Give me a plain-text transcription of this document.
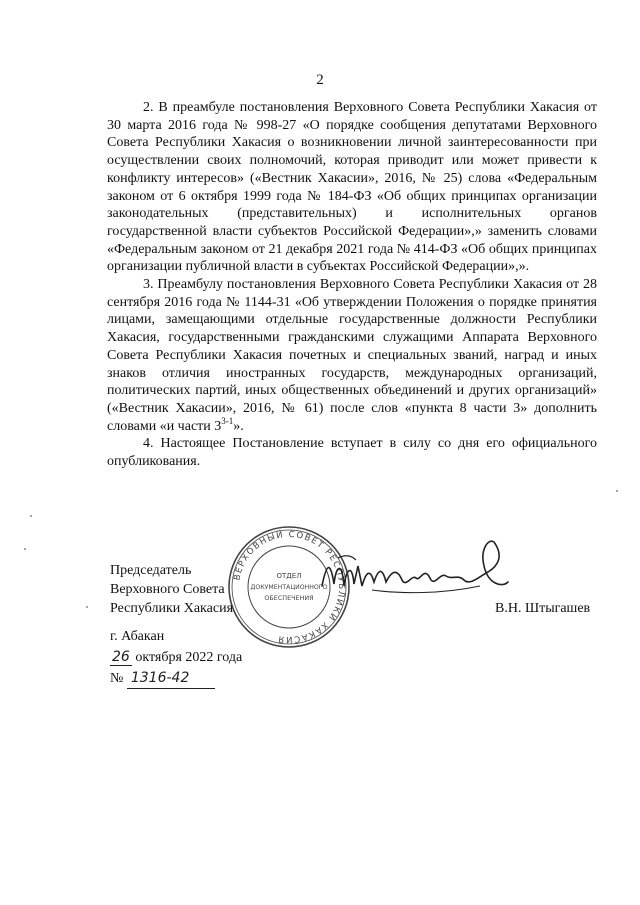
2

2. В преамбуле постановления Верховного Совета Республики Хакасия от 30 марта 2016 года № 998-27 «О порядке сообщения депутатами Верховного Совета Республики Хакасия о возникновении личной заинтересованности при осуществлении своих полномочий, которая приводит или может привести к конфликту интересов» («Вестник Хакасии», 2016, № 25) слова «Федеральным законом от 6 октября 1999 года № 184-ФЗ «Об общих принципах организации законодательных (представительных) и исполнительных органов государственной власти субъектов Российской Федерации»,» заменить словами «Федеральным законом от 21 декабря 2021 года № 414-ФЗ «Об общих принципах организации публичной власти в субъектах Российской Федерации»,».

3. Преамбулу постановления Верховного Совета Республики Хакасия от 28 сентября 2016 года № 1144-31 «Об утверждении Положения о порядке принятия лицами, замещающими отдельные государственные должности Республики Хакасия, государственными гражданскими служащими Аппарата Верховного Совета Республики Хакасия почетных и специальных званий, наград и иных знаков отличия иностранных государств, международных организаций, политических партий, иных общественных объединений и других организаций» («Вестник Хакасии», 2016, № 61) после слов «пункта 8 части 3» дополнить словами «и части 3$^{3-1}$».

4. Настоящее Постановление вступает в силу со дня его официального опубликования.

ВЕРХОВНЫЙ СОВЕТ РЕСПУБЛИКИ ХАКАСИЯ
ОТДЕЛ
ДОКУМЕНТАЦИОННОГО
ОБЕСПЕЧЕНИЯ
Председатель
Верховного Совета
Республики Хакасия	В.Н. Штыгашев
г. Абакан
26 октября 2022 года
№ 1316-42
